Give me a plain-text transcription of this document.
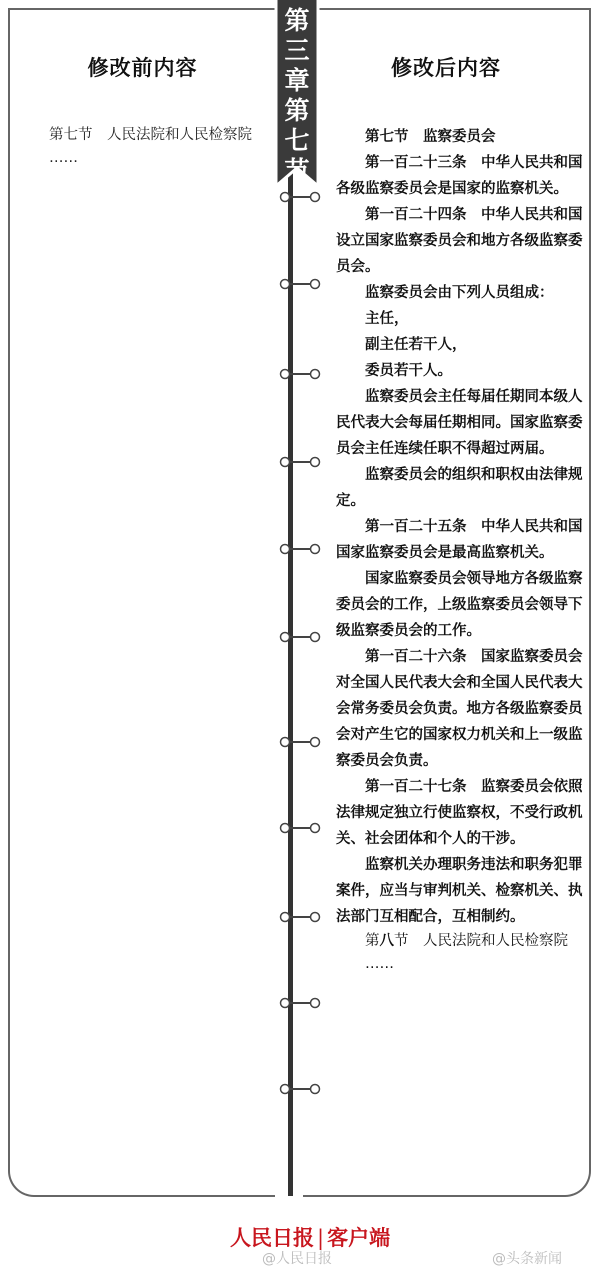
修改前内容

第七节　人民法院和人民检察院

……

修改后内容

第七节　监察委员会

第一百二十三条　中华人民共和国各级监察委员会是国家的监察机关。

第一百二十四条　中华人民共和国设立国家监察委员会和地方各级监察委员会。

监察委员会由下列人员组成：

主任，

副主任若干人，

委员若干人。

监察委员会主任每届任期同本级人民代表大会每届任期相同。国家监察委员会主任连续任职不得超过两届。

监察委员会的组织和职权由法律规定。

第一百二十五条　中华人民共和国国家监察委员会是最高监察机关。

国家监察委员会领导地方各级监察委员会的工作，上级监察委员会领导下级监察委员会的工作。

第一百二十六条　国家监察委员会对全国人民代表大会和全国人民代表大会常务委员会负责。地方各级监察委员会对产生它的国家权力机关和上一级监察委员会负责。

第一百二十七条　监察委员会依照法律规定独立行使监察权，不受行政机关、社会团体和个人的干涉。

监察机关办理职务违法和职务犯罪案件，应当与审判机关、检察机关、执法部门互相配合，互相制约。

第八节　人民法院和人民检察院

……

第
三
章
第
七
节
人民日报 | 客户端
@人民日报	@头条新闻
